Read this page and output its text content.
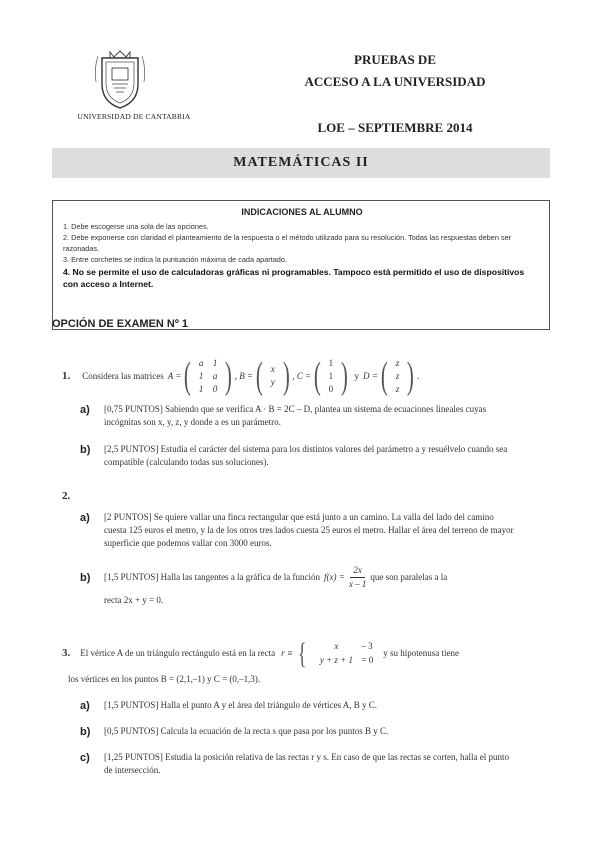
UNIVERSIDAD DE CANTABRIA
PRUEBAS DE
ACCESO A LA UNIVERSIDAD
LOE – SEPTIEMBRE 2014
MATEMÁTICAS II
INDICACIONES AL ALUMNO

1. Debe escogerse una sola de las opciones.

2. Debe exponerse con claridad el planteamiento de la respuesta o el método utilizado para su resolución. Todas las respuestas deben ser razonadas.

3. Entre corchetes se indica la puntuación máxima de cada apartado.

4. No se permite el uso de calculadoras gráficas ni programables. Tampoco está permitido el uso de dispositivos con acceso a Internet.

OPCIÓN DE EXAMEN Nº 1
1. Considera las matrices A = ( a 1
1 a
1 0 ) , B = ( x
y ) , C = ( 1
1
0 ) y D = ( z
z
z ) .
a) [0,75 PUNTOS] Sabiendo que se verifica A · B = 2C – D, plantea un sistema de ecuaciones lineales cuyas incógnitas son x, y, z, y donde a es un parámetro.
b) [2,5 PUNTOS] Estudia el carácter del sistema para los distintos valores del parámetro a y resuélvelo cuando sea compatible (calculando todas sus soluciones).
2.
a) [2 PUNTOS] Se quiere vallar una finca rectangular que está junto a un camino. La valla del lado del camino cuesta 125 euros el metro, y la de los otros tres lados cuesta 25 euros el metro. Hallar el área del terreno de mayor superficie que podemos vallar con 3000 euros.
b) [1,5 PUNTOS] Halla las tangentes a la gráfica de la función $f(x) = \frac{2x}{x - 1}$ que son paralelas a la
recta 2x + y = 0.
3. El vértice A de un triángulo rectángulo está en la recta r ≡ {	x	– 3
y + z + 1 = 0
y su hipotenusa tiene
los vértices en los puntos B = (2,1,–1) y C = (0,–1,3).
a) [1,5 PUNTOS] Halla el punto A y el área del triángulo de vértices A, B y C.
b) [0,5 PUNTOS] Calcula la ecuación de la recta s que pasa por los puntos B y C.
c) [1,25 PUNTOS] Estudia la posición relativa de las rectas r y s. En caso de que las rectas se corten, halla el punto de intersección.
